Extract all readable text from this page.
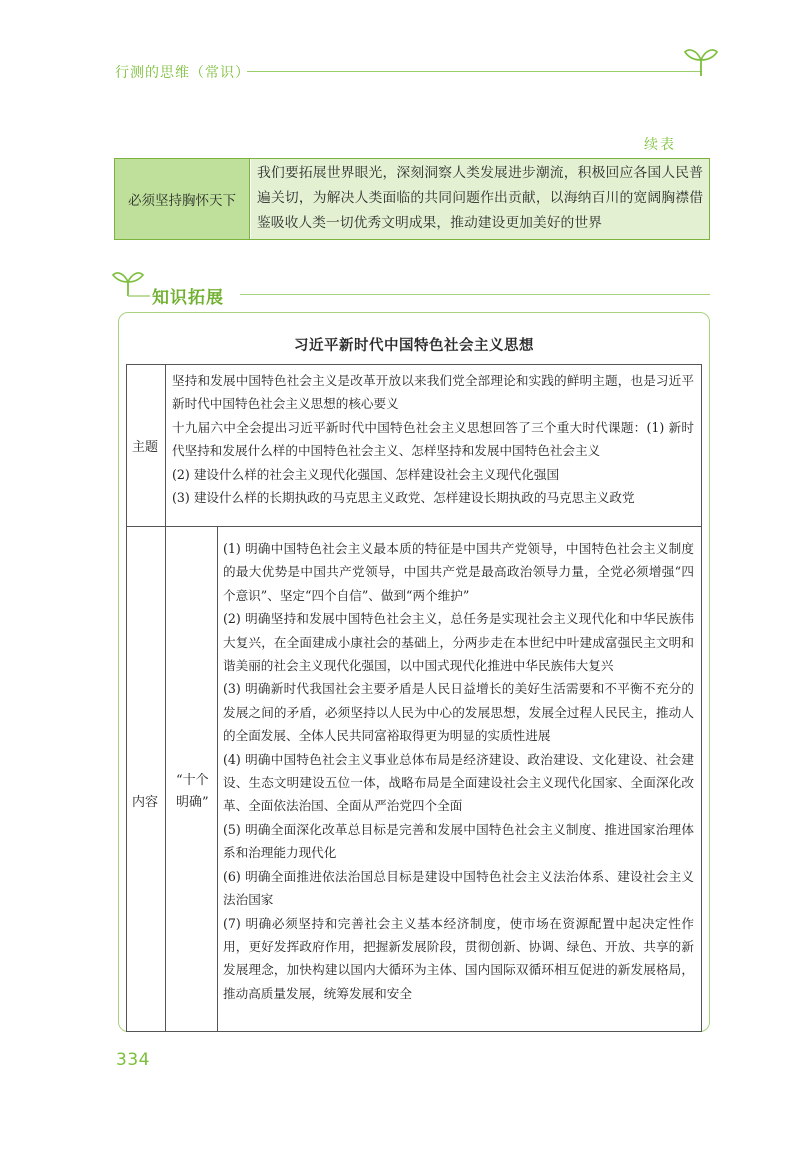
行测的思维（常识）
续表
必须坚持胸怀天下
我们要拓展世界眼光，深刻洞察人类发展进步潮流，积极回应各国人民普遍关切，为解决人类面临的共同问题作出贡献，以海纳百川的宽阔胸襟借鉴吸收人类一切优秀文明成果，推动建设更加美好的世界
知识拓展
习近平新时代中国特色社会主义思想
主题

坚持和发展中国特色社会主义是改革开放以来我们党全部理论和实践的鲜明主题，也是习近平新时代中国特色社会主义思想的核心要义

十九届六中全会提出习近平新时代中国特色社会主义思想回答了三个重大时代课题：(1) 新时代坚持和发展什么样的中国特色社会主义、怎样坚持和发展中国特色社会主义

(2) 建设什么样的社会主义现代化强国、怎样建设社会主义现代化强国

(3) 建设什么样的长期执政的马克思主义政党、怎样建设长期执政的马克思主义政党

内容
“十个
明确”

(1) 明确中国特色社会主义最本质的特征是中国共产党领导，中国特色社会主义制度的最大优势是中国共产党领导，中国共产党是最高政治领导力量，全党必须增强“四个意识”、坚定“四个自信”、做到“两个维护”

(2) 明确坚持和发展中国特色社会主义，总任务是实现社会主义现代化和中华民族伟大复兴，在全面建成小康社会的基础上，分两步走在本世纪中叶建成富强民主文明和谐美丽的社会主义现代化强国，以中国式现代化推进中华民族伟大复兴

(3) 明确新时代我国社会主要矛盾是人民日益增长的美好生活需要和不平衡不充分的发展之间的矛盾，必须坚持以人民为中心的发展思想，发展全过程人民民主，推动人的全面发展、全体人民共同富裕取得更为明显的实质性进展

(4) 明确中国特色社会主义事业总体布局是经济建设、政治建设、文化建设、社会建设、生态文明建设五位一体，战略布局是全面建设社会主义现代化国家、全面深化改革、全面依法治国、全面从严治党四个全面

(5) 明确全面深化改革总目标是完善和发展中国特色社会主义制度、推进国家治理体系和治理能力现代化

(6) 明确全面推进依法治国总目标是建设中国特色社会主义法治体系、建设社会主义法治国家

(7) 明确必须坚持和完善社会主义基本经济制度，使市场在资源配置中起决定性作用，更好发挥政府作用，把握新发展阶段，贯彻创新、协调、绿色、开放、共享的新发展理念，加快构建以国内大循环为主体、国内国际双循环相互促进的新发展格局，推动高质量发展，统筹发展和安全

334
